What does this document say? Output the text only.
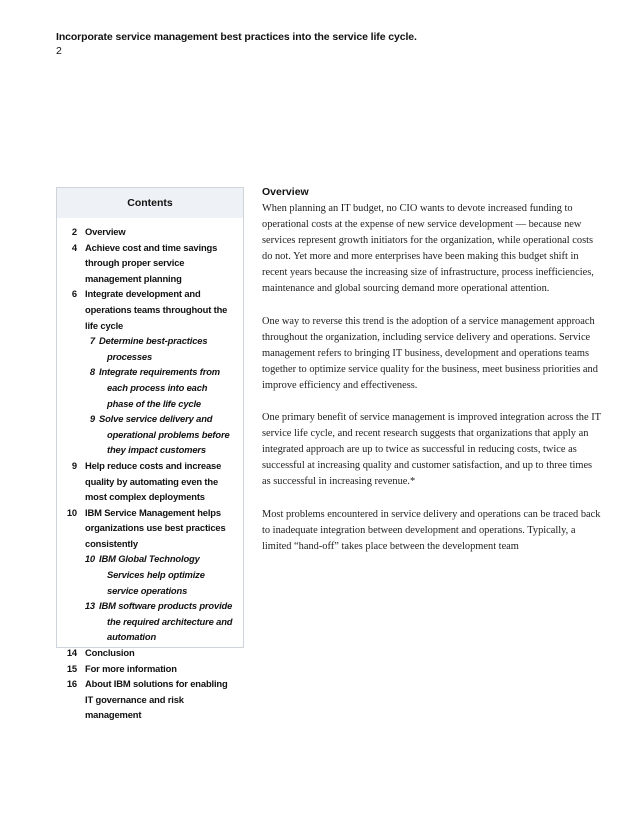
Incorporate service management best practices into the service life cycle.
2
Contents
2 Overview
4 Achieve cost and time savings through proper service management planning
6 Integrate development and operations teams throughout the life cycle
7 Determine best-practices processes
8 Integrate requirements from each process into each phase of the life cycle
9 Solve service delivery and operational problems before they impact customers
9 Help reduce costs and increase quality by automating even the most complex deployments
10 IBM Service Management helps organizations use best practices consistently
10 IBM Global Technology Services help optimize service operations
13 IBM software products provide the required architecture and automation
14 Conclusion
15 For more information
16 About IBM solutions for enabling IT governance and risk management
Overview

When planning an IT budget, no CIO wants to devote increased funding to operational costs at the expense of new service development — because new services represent growth initiators for the organization, while operational costs do not. Yet more and more enterprises have been making this budget shift in recent years because the increasing size of infrastructure, process inefficiencies, maintenance and global sourcing demand more operational attention.

One way to reverse this trend is the adoption of a service management approach throughout the organization, including service delivery and operations. Service management refers to bringing IT business, development and operations teams together to optimize service quality for the business, meet business priorities and improve efficiency and effectiveness.

One primary benefit of service management is improved integration across the IT service life cycle, and recent research suggests that organizations that apply an integrated approach are up to twice as successful in reducing costs, twice as successful at increasing quality and customer satisfaction, and up to three times as successful in increasing revenue.*

Most problems encountered in service delivery and operations can be traced back to inadequate integration between development and operations. Typically, a limited “hand-off” takes place between the development team
